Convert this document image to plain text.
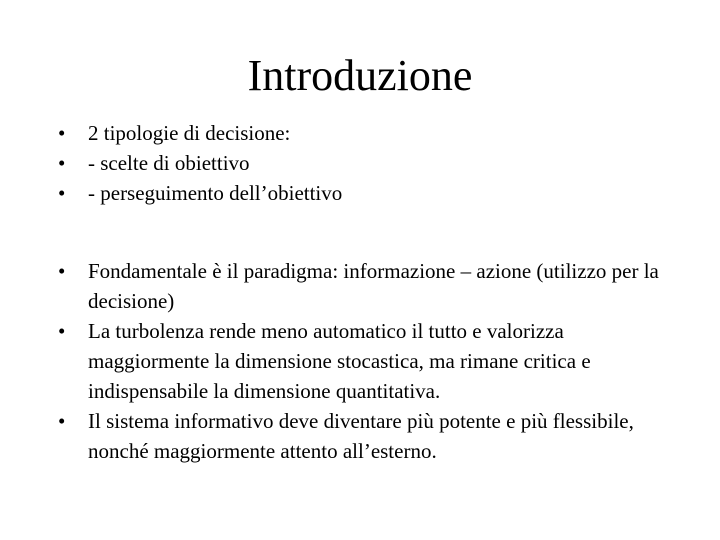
Introduzione
•	2 tipologie di decisione:
•	- scelte di obiettivo
•	- perseguimento dell’obiettivo
•	Fondamentale è il paradigma: informazione – azione (utilizzo per la decisione)
•	La turbolenza rende meno automatico il tutto e valorizza maggiormente la dimensione stocastica, ma rimane critica e indispensabile la dimensione quantitativa.
•	Il sistema informativo deve diventare più potente e più flessibile, nonché maggiormente attento all’esterno.
